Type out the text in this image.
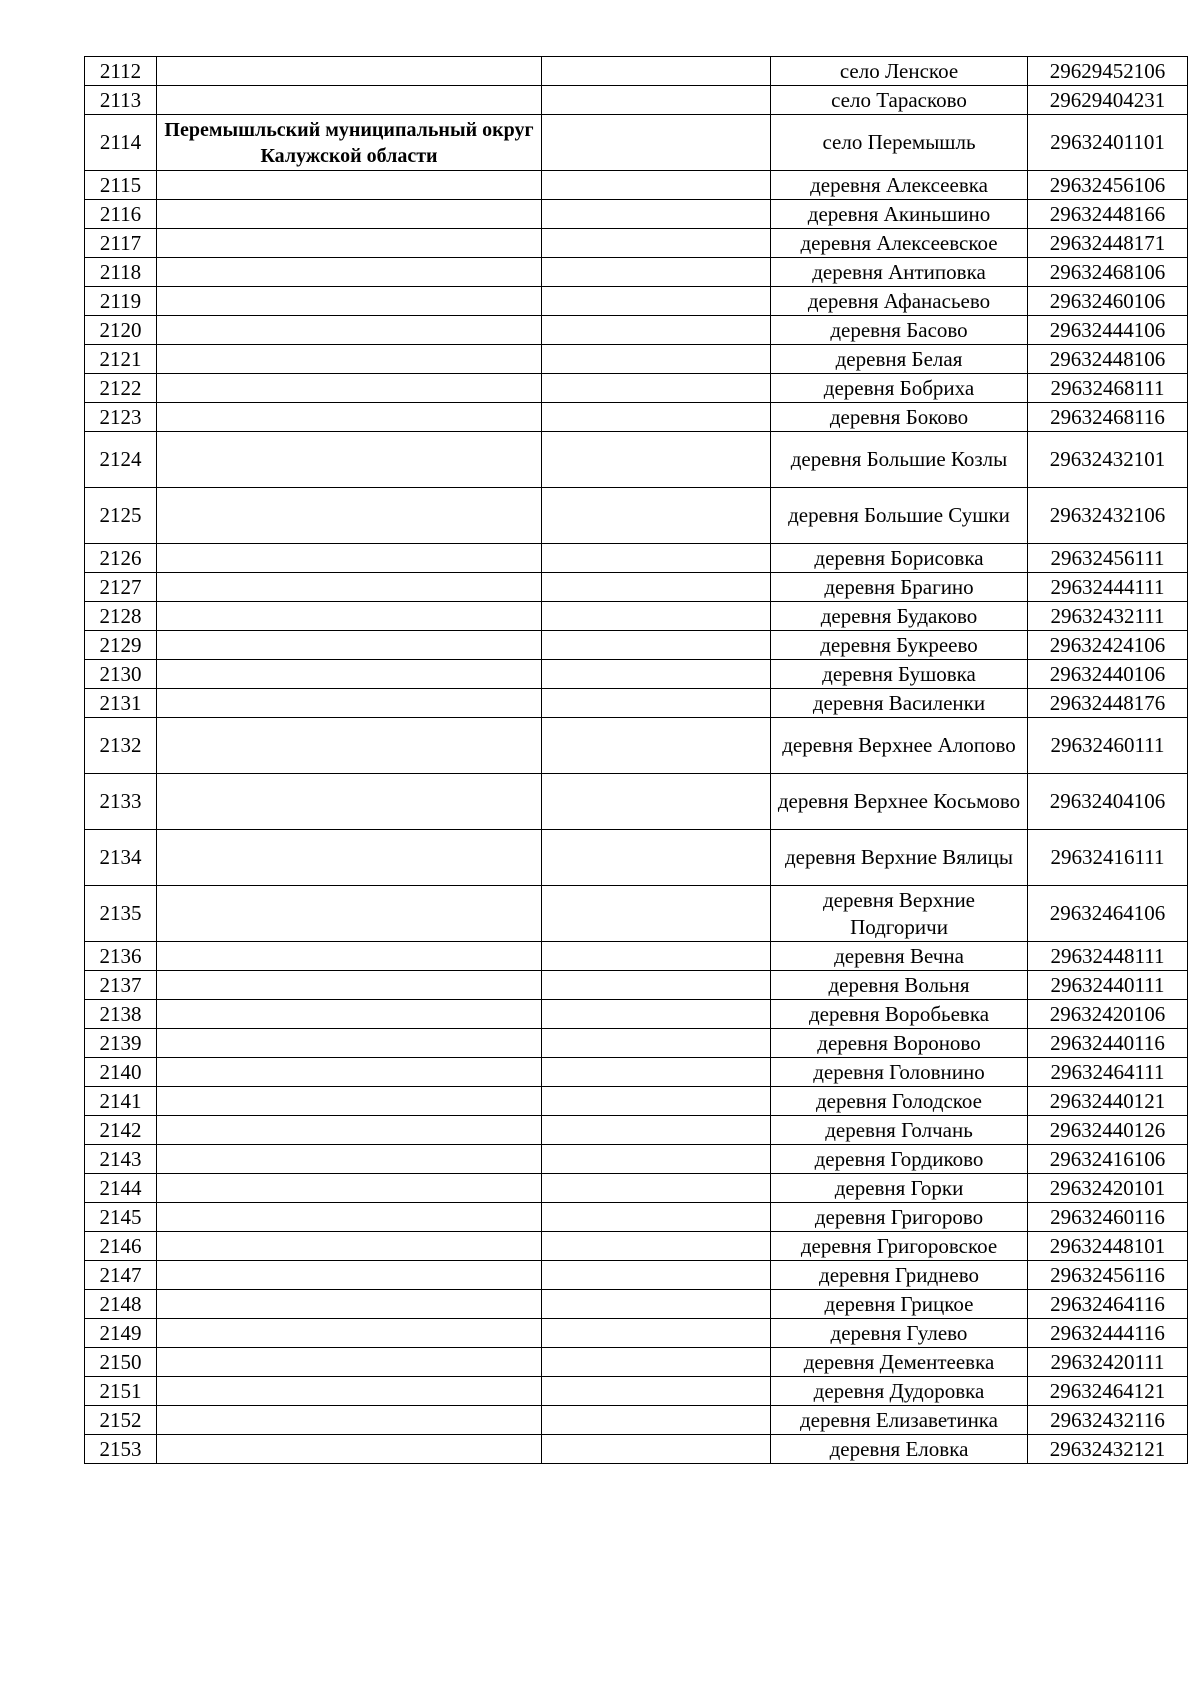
2112			село Ленское	29629452106
2113			село Тарасково	29629404231
2114	Перемышльский муниципальный округ Калужской области		село Перемышль	29632401101
2115			деревня Алексеевка	29632456106
2116			деревня Акиньшино	29632448166
2117			деревня Алексеевское	29632448171
2118			деревня Антиповка	29632468106
2119			деревня Афанасьево	29632460106
2120			деревня Басово	29632444106
2121			деревня Белая	29632448106
2122			деревня Бобриха	29632468111
2123			деревня Боково	29632468116
2124			деревня Большие Козлы	29632432101
2125			деревня Большие Сушки	29632432106
2126			деревня Борисовка	29632456111
2127			деревня Брагино	29632444111
2128			деревня Будаково	29632432111
2129			деревня Букреево	29632424106
2130			деревня Бушовка	29632440106
2131			деревня Василенки	29632448176
2132			деревня Верхнее Алопово	29632460111
2133			деревня Верхнее Косьмово	29632404106
2134			деревня Верхние Вялицы	29632416111
2135			деревня Верхние Подгоричи	29632464106
2136			деревня Вечна	29632448111
2137			деревня Вольня	29632440111
2138			деревня Воробьевка	29632420106
2139			деревня Вороново	29632440116
2140			деревня Головнино	29632464111
2141			деревня Голодское	29632440121
2142			деревня Голчань	29632440126
2143			деревня Гордиково	29632416106
2144			деревня Горки	29632420101
2145			деревня Григорово	29632460116
2146			деревня Григоровское	29632448101
2147			деревня Гриднево	29632456116
2148			деревня Грицкое	29632464116
2149			деревня Гулево	29632444116
2150			деревня Дементеевка	29632420111
2151			деревня Дудоровка	29632464121
2152			деревня Елизаветинка	29632432116
2153			деревня Еловка	29632432121
